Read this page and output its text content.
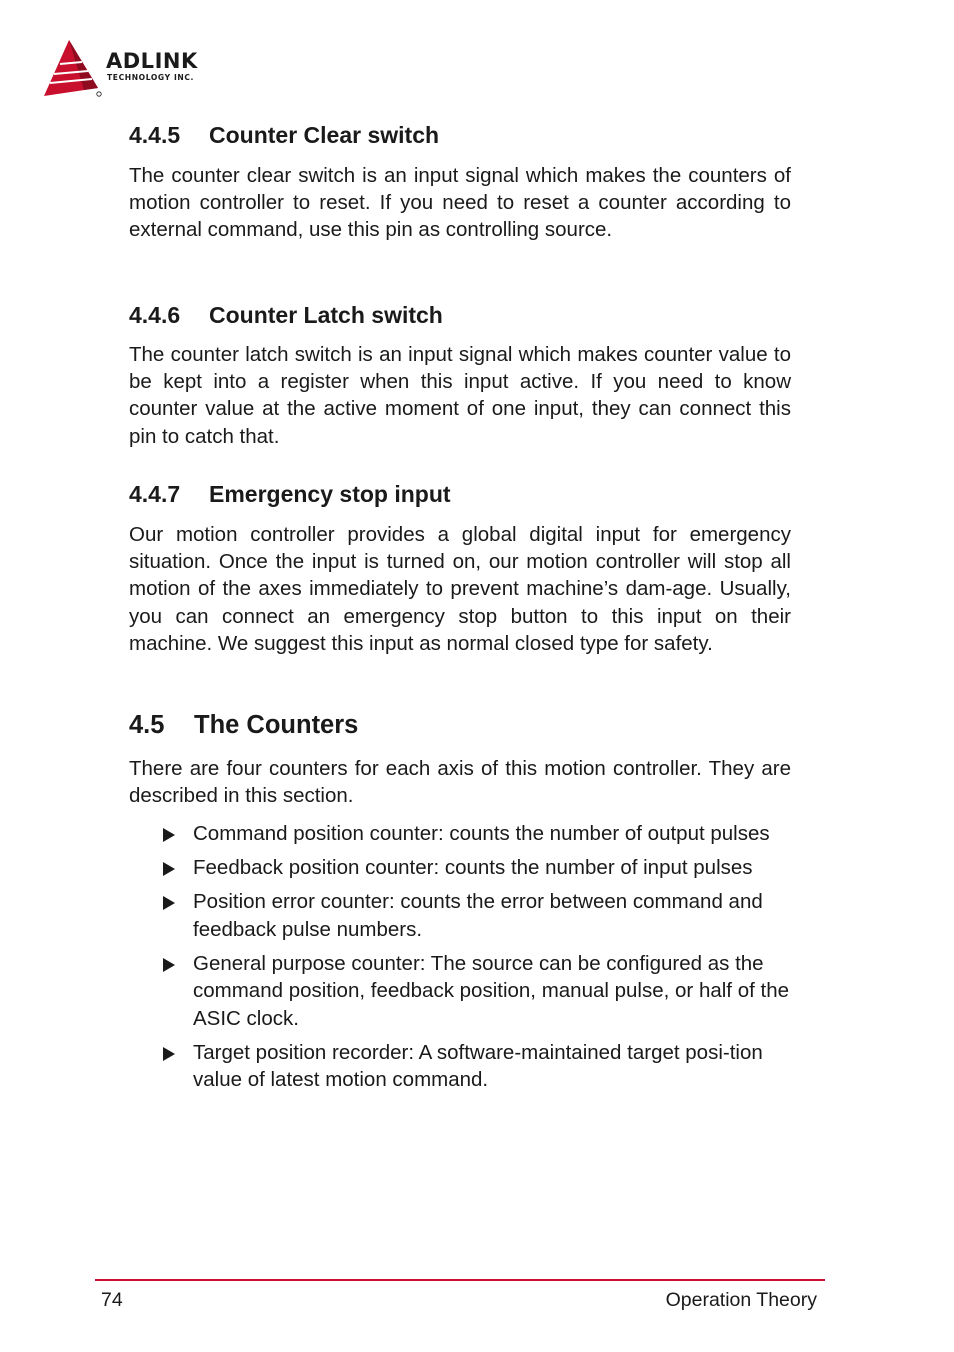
ADLINK
TECHNOLOGY INC.
4.4.5 Counter Clear switch

The counter clear switch is an input signal which makes the counters of motion controller to reset. If you need to reset a counter according to external command, use this pin as controlling source.

4.4.6 Counter Latch switch

The counter latch switch is an input signal which makes counter value to be kept into a register when this input active. If you need to know counter value at the active moment of one input, they can connect this pin to catch that.

4.4.7 Emergency stop input

Our motion controller provides a global digital input for emergency situation. Once the input is turned on, our motion controller will stop all motion of the axes immediately to prevent machine’s dam-age. Usually, you can connect an emergency stop button to this input on their machine. We suggest this input as normal closed type for safety.

4.5 The Counters

There are four counters for each axis of this motion controller. They are described in this section.

Command position counter: counts the number of output pulses
Feedback position counter: counts the number of input pulses
Position error counter: counts the error between command and feedback pulse numbers.
General purpose counter: The source can be configured as the command position, feedback position, manual pulse, or half of the ASIC clock.
Target position recorder: A software-maintained target posi-tion value of latest motion command.
74	Operation Theory
